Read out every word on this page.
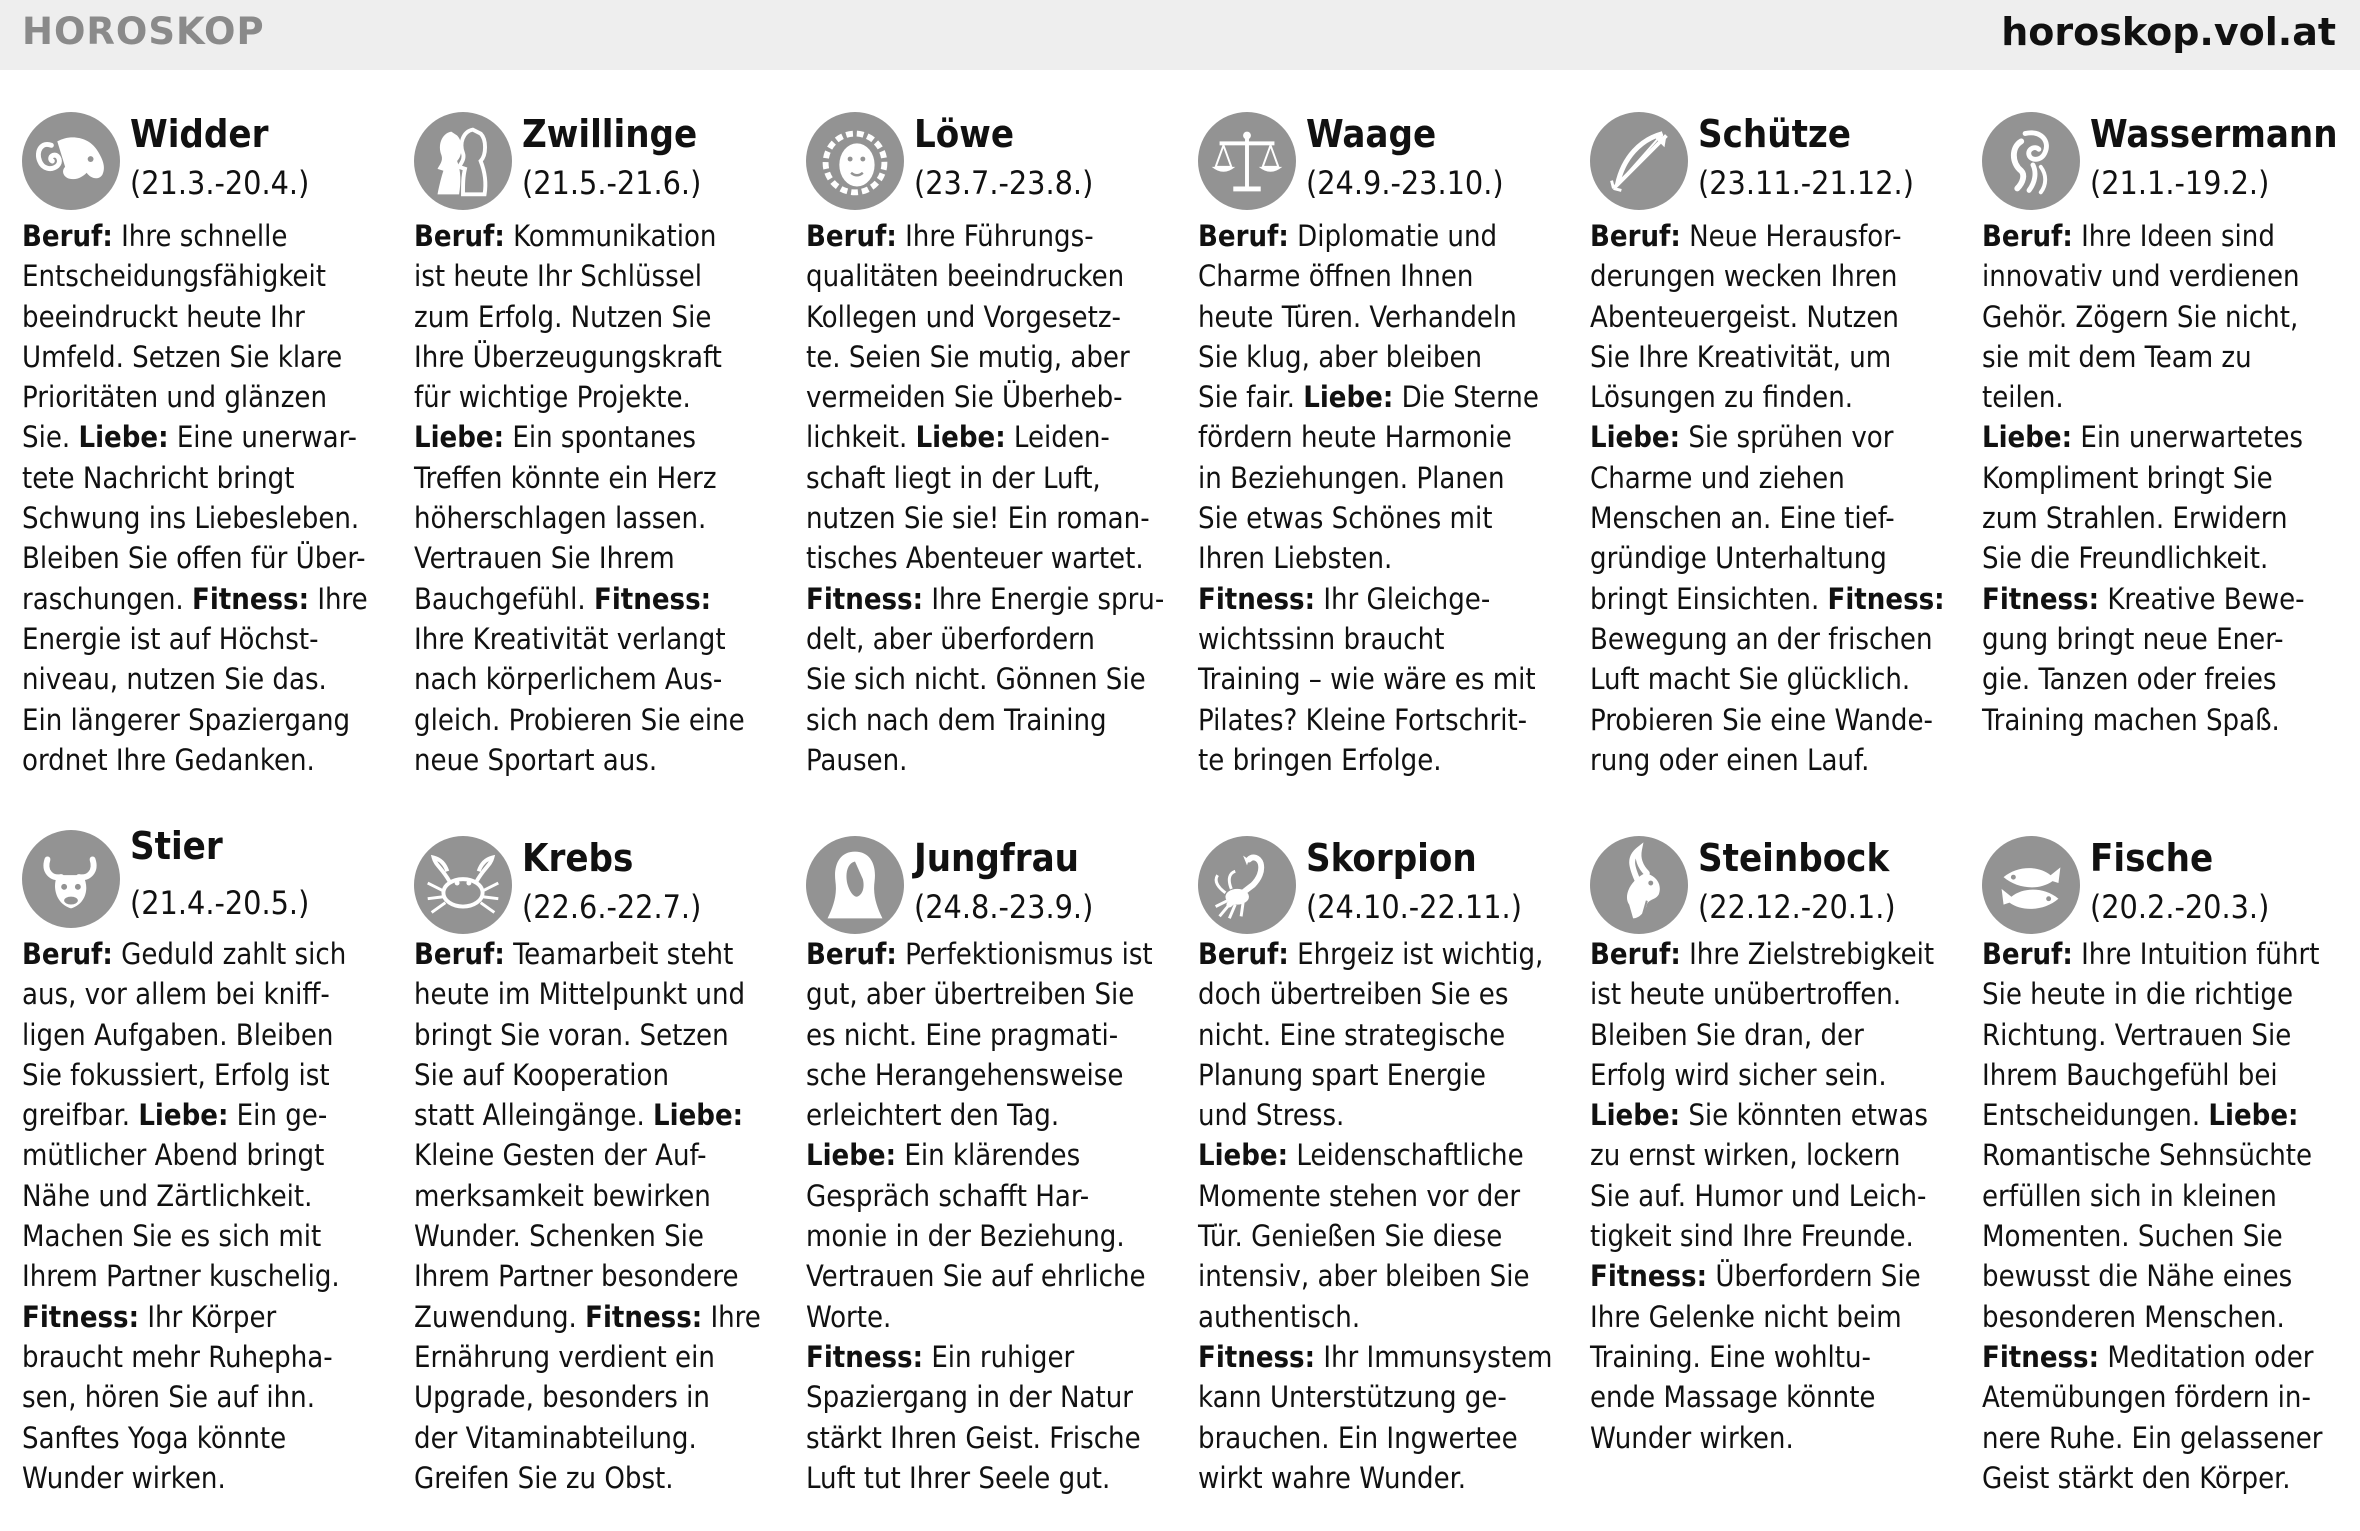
HOROSKOP	horoskop.vol.at
Widder
(21.3.-20.4.)
Beruf: Ihre schnelle
Entscheidungsfähigkeit
beeindruckt heute Ihr
Umfeld. Setzen Sie klare
Prioritäten und glänzen
Sie. Liebe: Eine unerwar-
tete Nachricht bringt
Schwung ins Liebesleben.
Bleiben Sie offen für Über-
raschungen. Fitness: Ihre
Energie ist auf Höchst-
niveau, nutzen Sie das.
Ein längerer Spaziergang
ordnet Ihre Gedanken.
Zwillinge
(21.5.-21.6.)
Beruf: Kommunikation
ist heute Ihr Schlüssel
zum Erfolg. Nutzen Sie
Ihre Überzeugungskraft
für wichtige Projekte.
Liebe: Ein spontanes
Treffen könnte ein Herz
höherschlagen lassen.
Vertrauen Sie Ihrem
Bauchgefühl. Fitness:
Ihre Kreativität verlangt
nach körperlichem Aus-
gleich. Probieren Sie eine
neue Sportart aus.
Löwe
(23.7.-23.8.)
Beruf: Ihre Führungs-
qualitäten beeindrucken
Kollegen und Vorgesetz-
te. Seien Sie mutig, aber
vermeiden Sie Überheb-
lichkeit. Liebe: Leiden-
schaft liegt in der Luft,
nutzen Sie sie! Ein roman-
tisches Abenteuer wartet.
Fitness: Ihre Energie spru-
delt, aber überfordern
Sie sich nicht. Gönnen Sie
sich nach dem Training
Pausen.
Waage
(24.9.-23.10.)
Beruf: Diplomatie und
Charme öffnen Ihnen
heute Türen. Verhandeln
Sie klug, aber bleiben
Sie fair. Liebe: Die Sterne
fördern heute Harmonie
in Beziehungen. Planen
Sie etwas Schönes mit
Ihren Liebsten.
Fitness: Ihr Gleichge-
wichtssinn braucht
Training – wie wäre es mit
Pilates? Kleine Fortschrit-
te bringen Erfolge.
Schütze
(23.11.-21.12.)
Beruf: Neue Herausfor-
derungen wecken Ihren
Abenteuergeist. Nutzen
Sie Ihre Kreativität, um
Lösungen zu finden.
Liebe: Sie sprühen vor
Charme und ziehen
Menschen an. Eine tief-
gründige Unterhaltung
bringt Einsichten. Fitness:
Bewegung an der frischen
Luft macht Sie glücklich.
Probieren Sie eine Wande-
rung oder einen Lauf.
Wassermann
(21.1.-19.2.)
Beruf: Ihre Ideen sind
innovativ und verdienen
Gehör. Zögern Sie nicht,
sie mit dem Team zu
teilen.
Liebe: Ein unerwartetes
Kompliment bringt Sie
zum Strahlen. Erwidern
Sie die Freundlichkeit.
Fitness: Kreative Bewe-
gung bringt neue Ener-
gie. Tanzen oder freies
Training machen Spaß.
Stier
(21.4.-20.5.)
Beruf: Geduld zahlt sich
aus, vor allem bei kniff-
ligen Aufgaben. Bleiben
Sie fokussiert, Erfolg ist
greifbar. Liebe: Ein ge-
mütlicher Abend bringt
Nähe und Zärtlichkeit.
Machen Sie es sich mit
Ihrem Partner kuschelig.
Fitness: Ihr Körper
braucht mehr Ruhepha-
sen, hören Sie auf ihn.
Sanftes Yoga könnte
Wunder wirken.
Krebs
(22.6.-22.7.)
Beruf: Teamarbeit steht
heute im Mittelpunkt und
bringt Sie voran. Setzen
Sie auf Kooperation
statt Alleingänge. Liebe:
Kleine Gesten der Auf-
merksamkeit bewirken
Wunder. Schenken Sie
Ihrem Partner besondere
Zuwendung. Fitness: Ihre
Ernährung verdient ein
Upgrade, besonders in
der Vitaminabteilung.
Greifen Sie zu Obst.
Jungfrau
(24.8.-23.9.)
Beruf: Perfektionismus ist
gut, aber übertreiben Sie
es nicht. Eine pragmati-
sche Herangehensweise
erleichtert den Tag.
Liebe: Ein klärendes
Gespräch schafft Har-
monie in der Beziehung.
Vertrauen Sie auf ehrliche
Worte.
Fitness: Ein ruhiger
Spaziergang in der Natur
stärkt Ihren Geist. Frische
Luft tut Ihrer Seele gut.
Skorpion
(24.10.-22.11.)
Beruf: Ehrgeiz ist wichtig,
doch übertreiben Sie es
nicht. Eine strategische
Planung spart Energie
und Stress.
Liebe: Leidenschaftliche
Momente stehen vor der
Tür. Genießen Sie diese
intensiv, aber bleiben Sie
authentisch.
Fitness: Ihr Immunsystem
kann Unterstützung ge-
brauchen. Ein Ingwertee
wirkt wahre Wunder.
Steinbock
(22.12.-20.1.)
Beruf: Ihre Zielstrebigkeit
ist heute unübertroffen.
Bleiben Sie dran, der
Erfolg wird sicher sein.
Liebe: Sie könnten etwas
zu ernst wirken, lockern
Sie auf. Humor und Leich-
tigkeit sind Ihre Freunde.
Fitness: Überfordern Sie
Ihre Gelenke nicht beim
Training. Eine wohltu-
ende Massage könnte
Wunder wirken.
Fische
(20.2.-20.3.)
Beruf: Ihre Intuition führt
Sie heute in die richtige
Richtung. Vertrauen Sie
Ihrem Bauchgefühl bei
Entscheidungen. Liebe:
Romantische Sehnsüchte
erfüllen sich in kleinen
Momenten. Suchen Sie
bewusst die Nähe eines
besonderen Menschen.
Fitness: Meditation oder
Atemübungen fördern in-
nere Ruhe. Ein gelassener
Geist stärkt den Körper.
